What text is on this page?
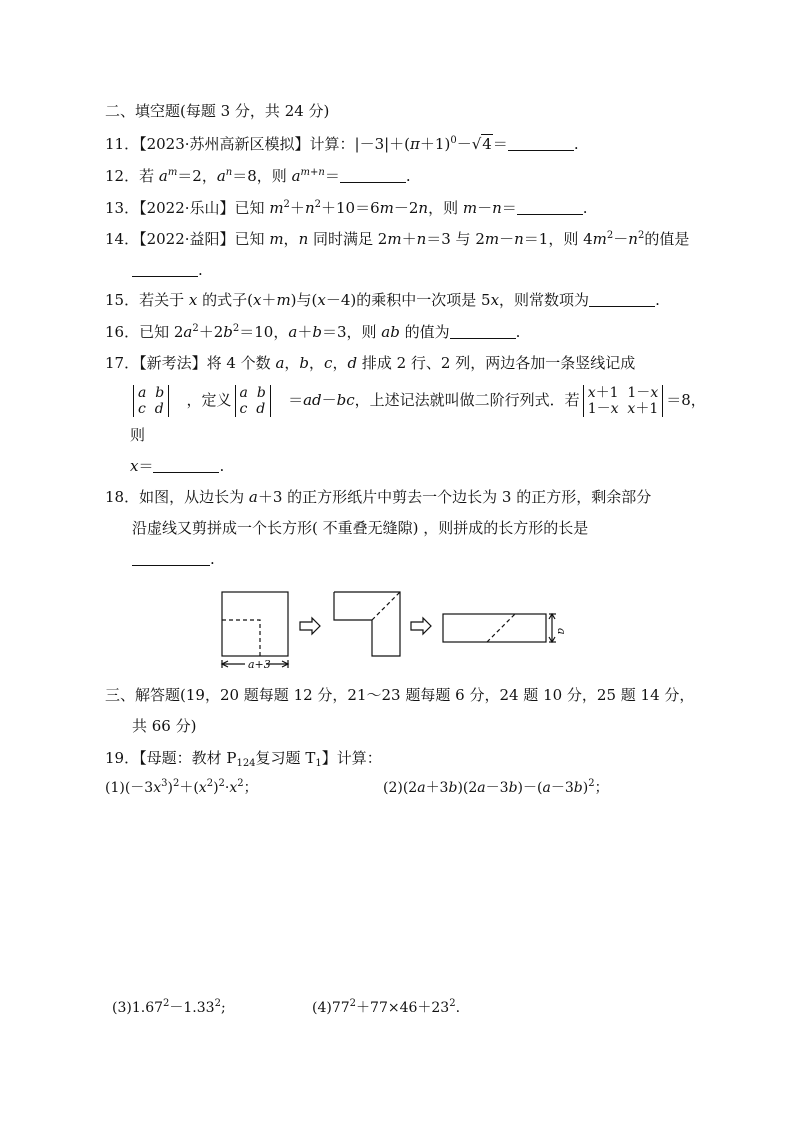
二、填空题(每题 3 分，共 24 分)
11．【2023·苏州高新区模拟】计算：$|-3|+(\pi+1)^0-√4=$	.
12．若 $a^m=2$，$a^n=8$，则 $a^{m+n}=$	.
13．【2022·乐山】已知 $m^2+n^2+10=6m-2n$，则 m－n＝	.
14．【2022·益阳】已知 m，n 同时满足 2m＋n＝3 与 2m－n＝1，则 $4m^2-n^2$的值是
.
15．若关于 x 的式子(x＋m)与(x－4)的乘积中一次项是 5x，则常数项为	.
16．已知 $2a^2+2b^2=10$，a＋b＝3，则 ab 的值为	.
17．【新考法】将 4 个数 a，b，c，d 排成 2 行、2 列，两边各加一条竖线记成
a b
c d ，定义 a b
c d ＝ad－bc，上述记法就叫做二阶行列式．若 x＋1  1－x
1－x x＋1 ＝8，
则
x＝	.
18．如图，从边长为 a＋3 的正方形纸片中剪去一个边长为 3 的正方形，剩余部分
沿虚线又剪拼成一个长方形( 不重叠无缝隙) ，则拼成的长方形的长是
.
a+3
a
三、解答题(19，20 题每题 12 分，21～23 题每题 6 分，24 题 10 分，25 题 14 分，
共 66 分)
19．【母题：教材 $P_{124}$复习题 $T_1$】计算：
$(1)(-3x^3)^2+(x^2)^2\cdot x^2$；	$(2)(2a+3b)(2a-3b)-(a-3b)^2$；
$(3)1.67^2-1.33^2$;	$(4)77^2+77\times 46+23^2$.
